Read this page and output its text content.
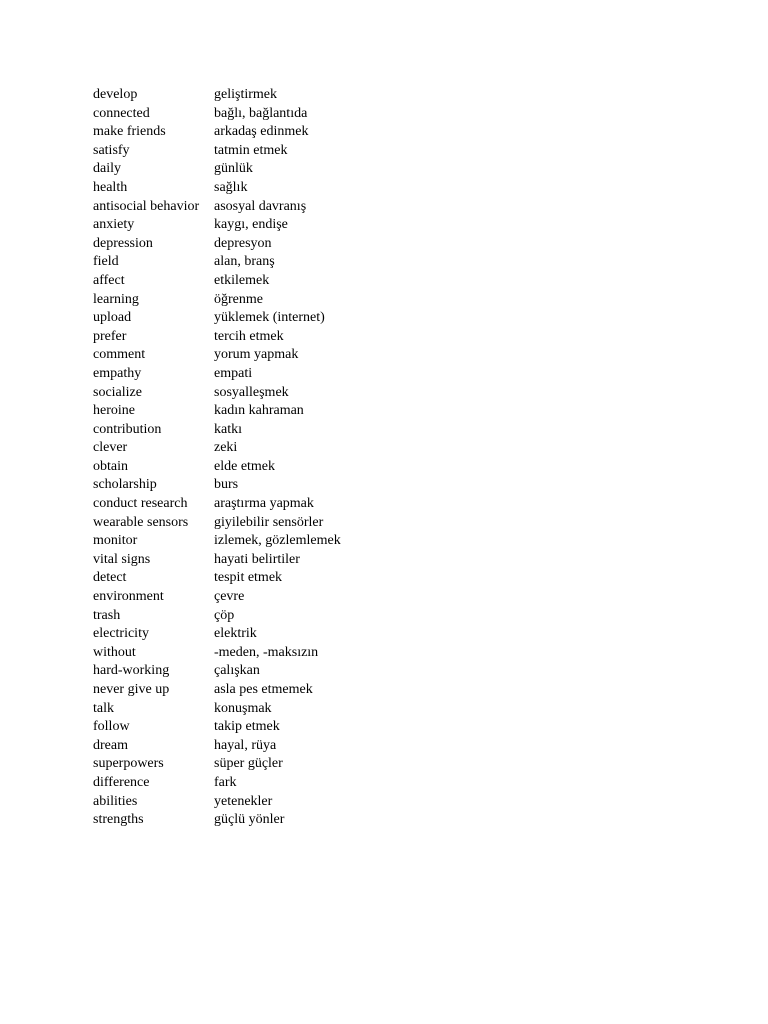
develop	geliştirmek
connected	bağlı, bağlantıda
make friends	arkadaş edinmek
satisfy	tatmin etmek
daily	günlük
health	sağlık
antisocial behavior	asosyal davranış
anxiety	kaygı, endişe
depression	depresyon
field	alan, branş
affect	etkilemek
learning	öğrenme
upload	yüklemek (internet)
prefer	tercih etmek
comment	yorum yapmak
empathy	empati
socialize	sosyalleşmek
heroine	kadın kahraman
contribution	katkı
clever	zeki
obtain	elde etmek
scholarship	burs
conduct research	araştırma yapmak
wearable sensors	giyilebilir sensörler
monitor	izlemek, gözlemlemek
vital signs	hayati belirtiler
detect	tespit etmek
environment	çevre
trash	çöp
electricity	elektrik
without	-meden, -maksızın
hard-working	çalışkan
never give up	asla pes etmemek
talk	konuşmak
follow	takip etmek
dream	hayal, rüya
superpowers	süper güçler
difference	fark
abilities	yetenekler
strengths	güçlü yönler
